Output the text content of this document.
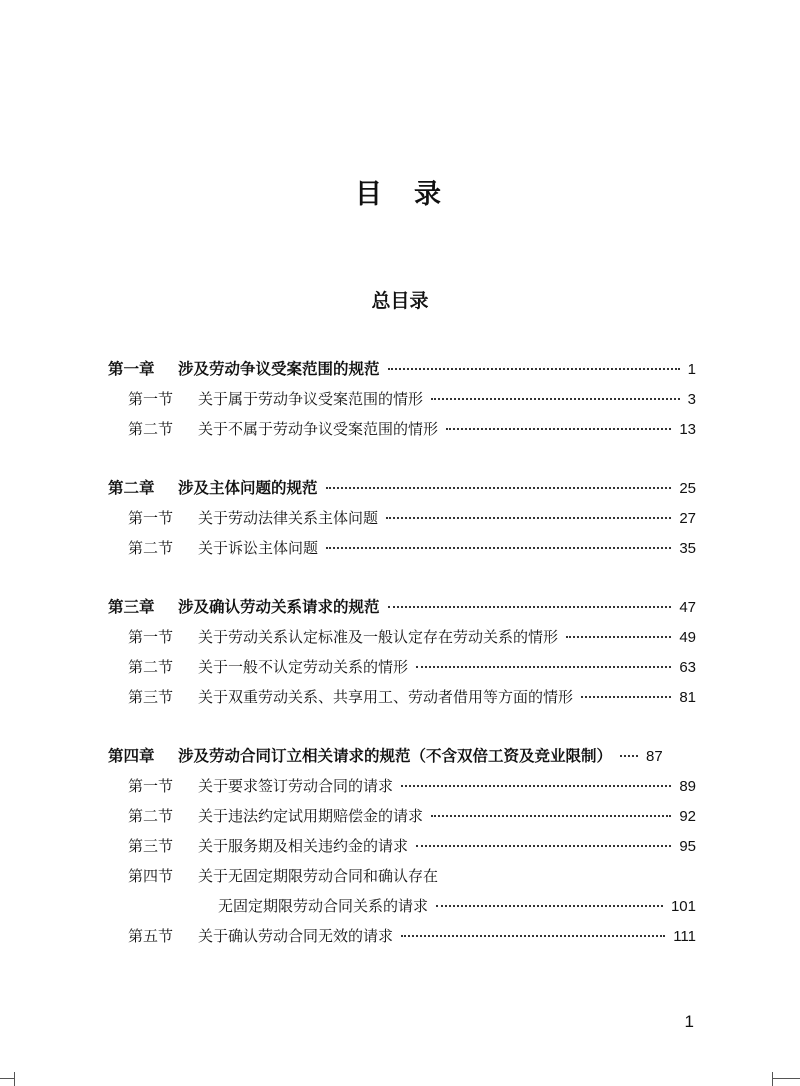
目 录
总目录
第一章	涉及劳动争议受案范围的规范	1
第一节	关于属于劳动争议受案范围的情形	3
第二节	关于不属于劳动争议受案范围的情形	13
第二章	涉及主体问题的规范	25
第一节	关于劳动法律关系主体问题	27
第二节	关于诉讼主体问题	35
第三章	涉及确认劳动关系请求的规范	47
第一节	关于劳动关系认定标准及一般认定存在劳动关系的情形	49
第二节	关于一般不认定劳动关系的情形	63
第三节	关于双重劳动关系、共享用工、劳动者借用等方面的情形	81
第四章	涉及劳动合同订立相关请求的规范（不含双倍工资及竞业限制） 87
第一节	关于要求签订劳动合同的请求	89
第二节	关于违法约定试用期赔偿金的请求	92
第三节	关于服务期及相关违约金的请求	95
第四节	关于无固定期限劳动合同和确认存在
无固定期限劳动合同关系的请求	101
第五节	关于确认劳动合同无效的请求	111
1
